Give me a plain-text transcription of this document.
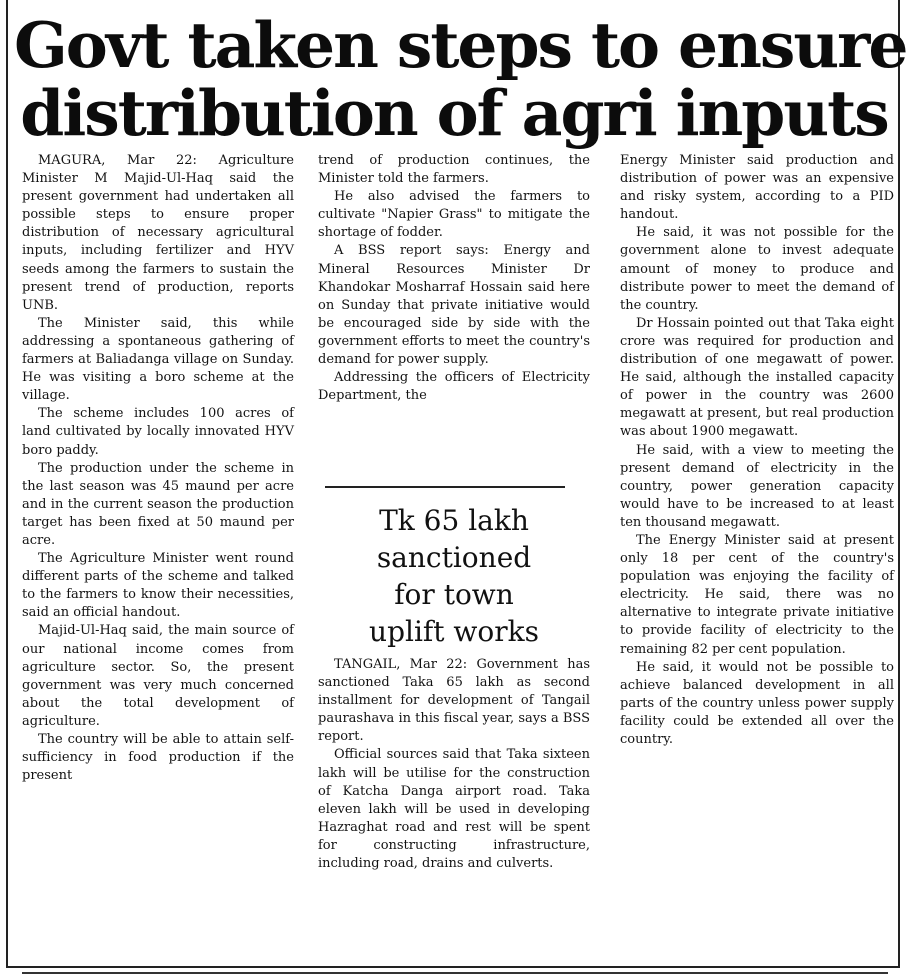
Govt taken steps to ensure
distribution of agri inputs

MAGURA, Mar 22: Agriculture Minister M Majid-Ul-Haq said the present government had undertaken all possible steps to ensure proper distribution of necessary agricultural inputs, including fertilizer and HYV seeds among the farmers to sustain the present trend of production, reports UNB.

The Minister said, this while addressing a spontaneous gathering of farmers at Baliadanga village on Sunday. He was visiting a boro scheme at the village.

The scheme includes 100 acres of land cultivated by locally innovated HYV boro paddy.

The production under the scheme in the last season was 45 maund per acre and in the current season the production target has been fixed at 50 maund per acre.

The Agriculture Minister went round different parts of the scheme and talked to the farmers to know their necessities, said an official handout.

Majid-Ul-Haq said, the main source of our national income comes from agriculture sector. So, the present government was very much concerned about the total development of agriculture.

The country will be able to attain self-sufficiency in food production if the present

trend of production continues, the Minister told the farmers.

He also advised the farmers to cultivate "Napier Grass" to mitigate the shortage of fodder.

A BSS report says: Energy and Mineral Resources Minister Dr Khandokar Mosharraf Hossain said here on Sunday that private initiative would be encouraged side by side with the government efforts to meet the country's demand for power supply.

Addressing the officers of Electricity Department, the

Tk 65 lakh
sanctioned
for town
uplift works

TANGAIL, Mar 22: Government has sanctioned Taka 65 lakh as second installment for development of Tangail paurashava in this fiscal year, says a BSS report.

Official sources said that Taka sixteen lakh will be utilise for the construction of Katcha Danga airport road. Taka eleven lakh will be used in developing Hazraghat road and rest will be spent for constructing infrastructure, including road, drains and culverts.

Energy Minister said production and distribution of power was an expensive and risky system, according to a PID handout.

He said, it was not possible for the government alone to invest adequate amount of money to produce and distribute power to meet the demand of the country.

Dr Hossain pointed out that Taka eight crore was required for production and distribution of one megawatt of power. He said, although the installed capacity of power in the country was 2600 megawatt at present, but real production was about 1900 megawatt.

He said, with a view to meeting the present demand of electricity in the country, power generation capacity would have to be increased to at least ten thousand megawatt.

The Energy Minister said at present only 18 per cent of the country's population was enjoying the facility of electricity. He said, there was no alternative to integrate private initiative to provide facility of electricity to the remaining 82 per cent population.

He said, it would not be possible to achieve balanced development in all parts of the country unless power supply facility could be extended all over the country.
